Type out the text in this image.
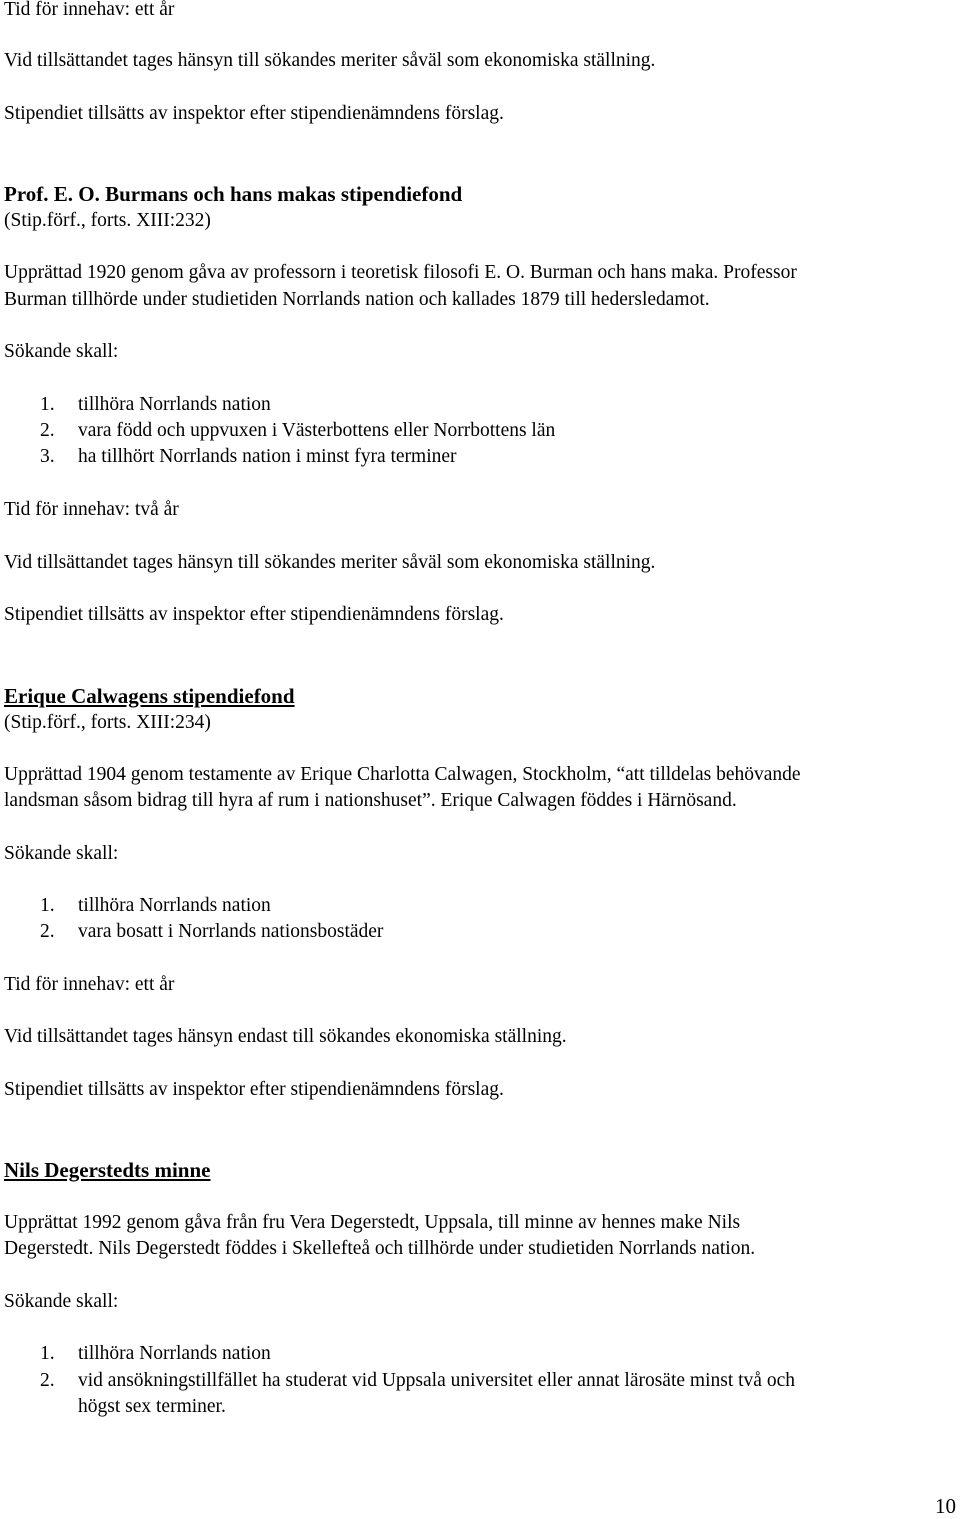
Tid för innehav: ett år
Vid tillsättandet tages hänsyn till sökandes meriter såväl som ekonomiska ställning.
Stipendiet tillsätts av inspektor efter stipendienämndens förslag.
Prof. E. O. Burmans och hans makas stipendiefond
(Stip.förf., forts. XIII:232)
Upprättad 1920 genom gåva av professorn i teoretisk filosofi E. O. Burman och hans maka. Professor
Burman tillhörde under studietiden Norrlands nation och kallades 1879 till hedersledamot.
Sökande skall:
1. tillhöra Norrlands nation
2. vara född och uppvuxen i Västerbottens eller Norrbottens län
3. ha tillhört Norrlands nation i minst fyra terminer
Tid för innehav: två år
Vid tillsättandet tages hänsyn till sökandes meriter såväl som ekonomiska ställning.
Stipendiet tillsätts av inspektor efter stipendienämndens förslag.
Erique Calwagens stipendiefond
(Stip.förf., forts. XIII:234)
Upprättad 1904 genom testamente av Erique Charlotta Calwagen, Stockholm, “att tilldelas behövande
landsman såsom bidrag till hyra af rum i nationshuset”. Erique Calwagen föddes i Härnösand.
Sökande skall:
1. tillhöra Norrlands nation
2. vara bosatt i Norrlands nationsbostäder
Tid för innehav: ett år
Vid tillsättandet tages hänsyn endast till sökandes ekonomiska ställning.
Stipendiet tillsätts av inspektor efter stipendienämndens förslag.
Nils Degerstedts minne
Upprättat 1992 genom gåva från fru Vera Degerstedt, Uppsala, till minne av hennes make Nils
Degerstedt. Nils Degerstedt föddes i Skellefteå och tillhörde under studietiden Norrlands nation.
Sökande skall:
1. tillhöra Norrlands nation
2. vid ansökningstillfället ha studerat vid Uppsala universitet eller annat lärosäte minst två och
högst sex terminer.
10
